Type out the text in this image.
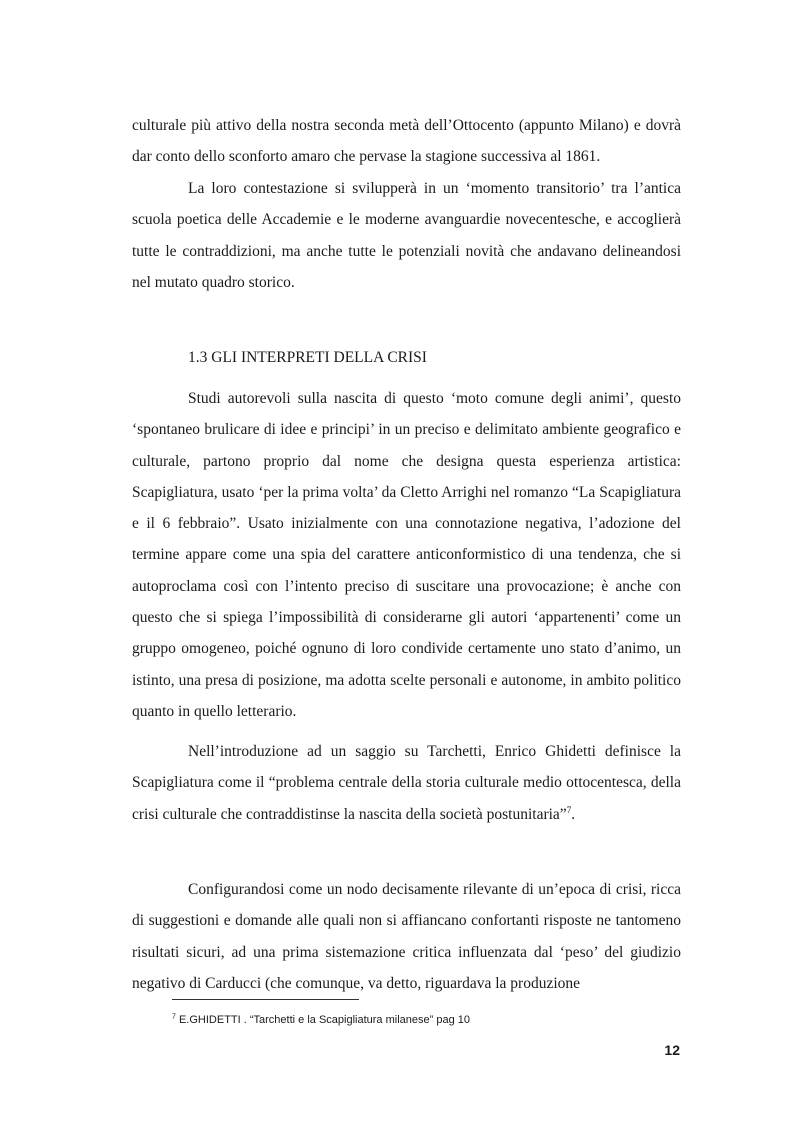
culturale più attivo della nostra seconda metà dell’Ottocento (appunto Milano) e dovrà dar conto dello sconforto amaro che pervase la stagione successiva al 1861.

La loro contestazione si svilupperà in un ‘momento transitorio’ tra l’antica scuola poetica delle Accademie e le moderne avanguardie novecentesche, e accoglierà tutte le contraddizioni, ma anche tutte le potenziali novità che andavano delineandosi nel mutato quadro storico.

1.3 GLI INTERPRETI DELLA CRISI

Studi autorevoli sulla nascita di questo ‘moto comune degli animi’, questo ‘spontaneo brulicare di idee e principi’ in un preciso e delimitato ambiente geografico e culturale, partono proprio dal nome che designa questa esperienza artistica: Scapigliatura, usato ‘per la prima volta’ da Cletto Arrighi nel romanzo “La Scapigliatura e il 6 febbraio”. Usato inizialmente con una connotazione negativa, l’adozione del termine appare come una spia del carattere anticonformistico di una tendenza, che si autoproclama così con l’intento preciso di suscitare una provocazione; è anche con questo che si spiega l’impossibilità di considerarne gli autori ‘appartenenti’ come un gruppo omogeneo, poiché ognuno di loro condivide certamente uno stato d’animo, un istinto, una presa di posizione, ma adotta scelte personali e autonome, in ambito politico quanto in quello letterario.

Nell’introduzione ad un saggio su Tarchetti, Enrico Ghidetti definisce la Scapigliatura come il “problema centrale della storia culturale medio ottocentesca, della crisi culturale che contraddistinse la nascita della società postunitaria”$^7$.

Configurandosi come un nodo decisamente rilevante di un’epoca di crisi, ricca di suggestioni e domande alle quali non si affiancano confortanti risposte ne tantomeno risultati sicuri, ad una prima sistemazione critica influenzata dal ‘peso’ del giudizio negativo di Carducci (che comunque, va detto, riguardava la produzione

$^7$ E.GHIDETTI . “Tarchetti e la Scapigliatura milanese” pag 10

12
